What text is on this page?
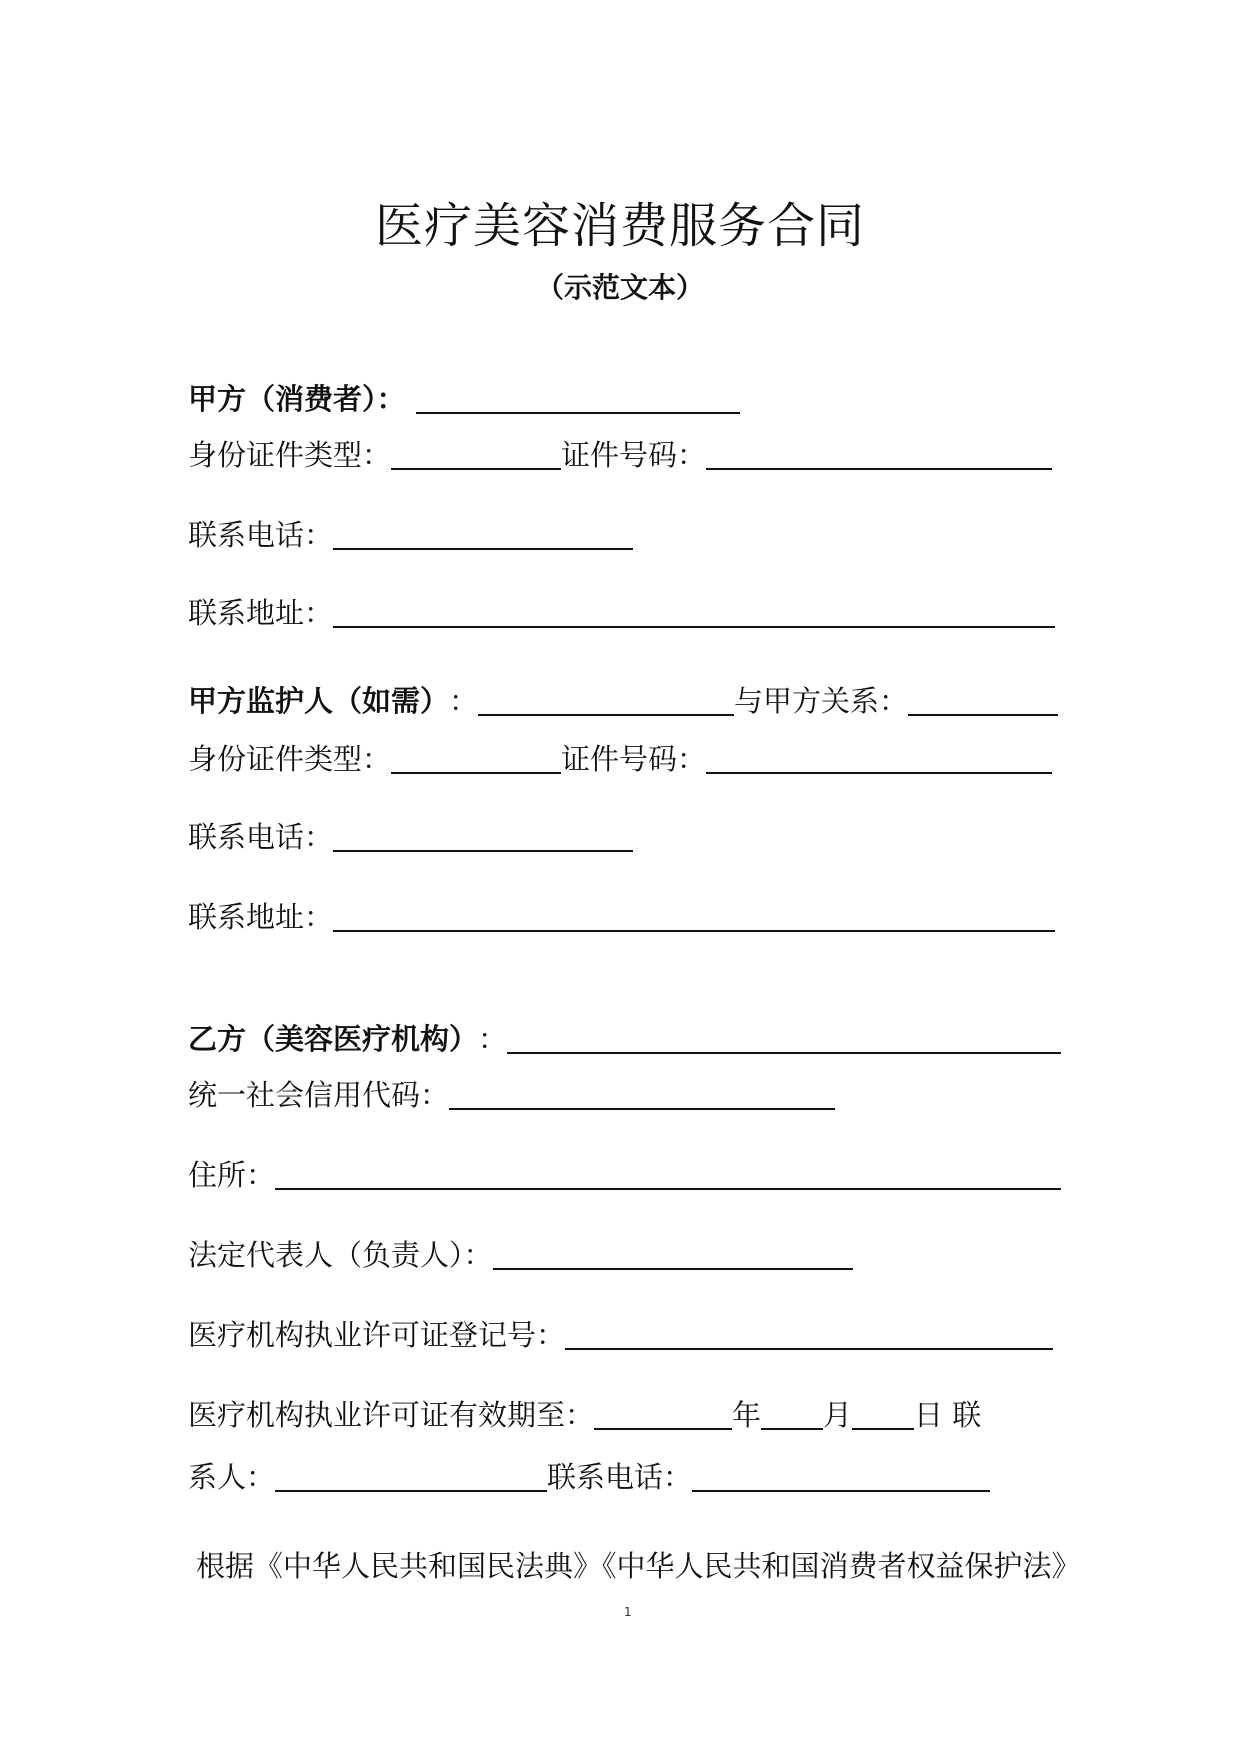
医疗美容消费服务合同
（示范文本）
甲方（消费者）：
身份证件类型：	证件号码：
联系电话：
联系地址：
甲方监护人（如需） ：	与甲方关系：
身份证件类型：	证件号码：
联系电话：
联系地址：
乙方（美容医疗机构） ：
统一社会信用代码：
住所：
法定代表人（负责人）：
医疗机构执业许可证登记号：
医疗机构执业许可证有效期至：	年 月 日 联
系人：	联系电话：
根据《中华人民共和国民法典》《中华人民共和国消费者权益保护法》
1
